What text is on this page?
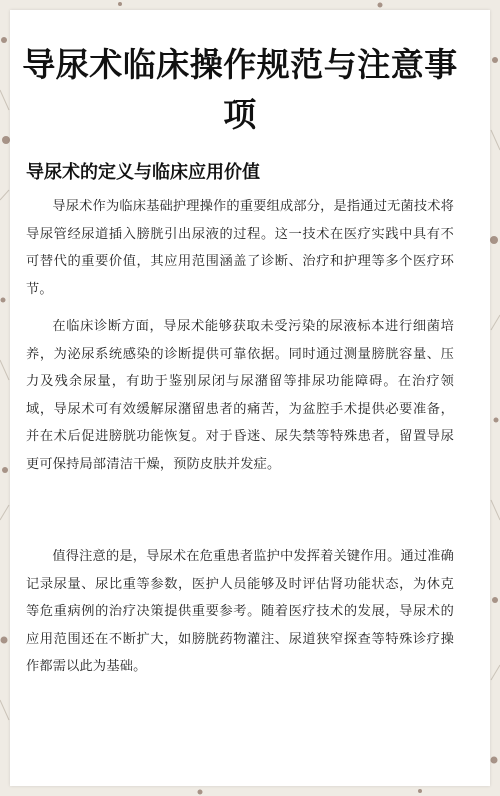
导尿术临床操作规范与注意事项
导尿术的定义与临床应用价值

导尿术作为临床基础护理操作的重要组成部分，是指通过无菌技术将导尿管经尿道插入膀胱引出尿液的过程。这一技术在医疗实践中具有不可替代的重要价值，其应用范围涵盖了诊断、治疗和护理等多个医疗环节。

在临床诊断方面，导尿术能够获取未受污染的尿液标本进行细菌培养，为泌尿系统感染的诊断提供可靠依据。同时通过测量膀胱容量、压力及残余尿量，有助于鉴别尿闭与尿潴留等排尿功能障碍。在治疗领域，导尿术可有效缓解尿潴留患者的痛苦，为盆腔手术提供必要准备，并在术后促进膀胱功能恢复。对于昏迷、尿失禁等特殊患者，留置导尿更可保持局部清洁干燥，预防皮肤并发症。

值得注意的是，导尿术在危重患者监护中发挥着关键作用。通过准确记录尿量、尿比重等参数，医护人员能够及时评估肾功能状态，为休克等危重病例的治疗决策提供重要参考。随着医疗技术的发展，导尿术的应用范围还在不断扩大，如膀胱药物灌注、尿道狭窄探查等特殊诊疗操作都需以此为基础。
